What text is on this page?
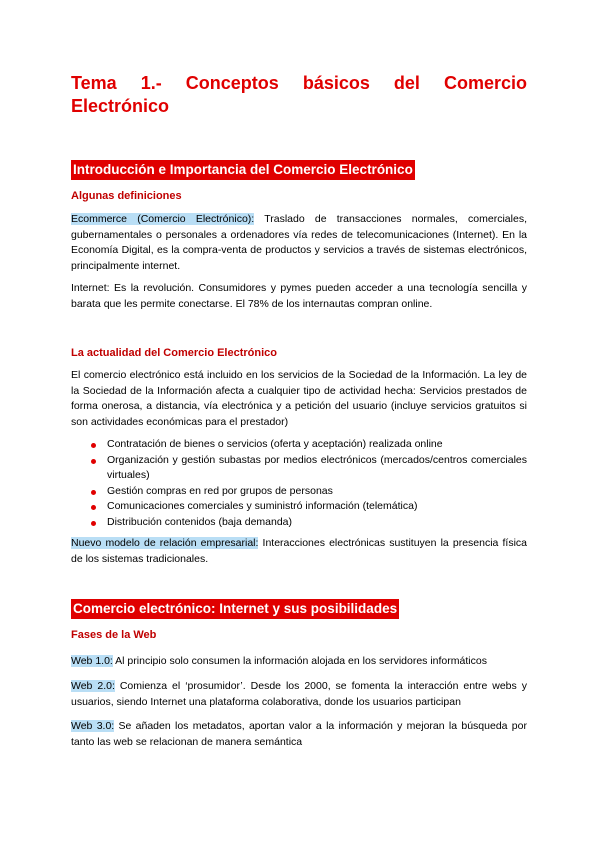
Tema 1.- Conceptos básicos del Comercio Electrónico
Introducción e Importancia del Comercio Electrónico
Algunas definiciones
Ecommerce (Comercio Electrónico): Traslado de transacciones normales, comerciales, gubernamentales o personales a ordenadores vía redes de telecomunicaciones (Internet). En la Economía Digital, es la compra-venta de productos y servicios a través de sistemas electrónicos, principalmente internet.
Internet: Es la revolución. Consumidores y pymes pueden acceder a una tecnología sencilla y barata que les permite conectarse. El 78% de los internautas compran online.
La actualidad del Comercio Electrónico
El comercio electrónico está incluido en los servicios de la Sociedad de la Información. La ley de la Sociedad de la Información afecta a cualquier tipo de actividad hecha: Servicios prestados de forma onerosa, a distancia, vía electrónica y a petición del usuario (incluye servicios gratuitos si son actividades económicas para el prestador)
Contratación de bienes o servicios (oferta y aceptación) realizada online
Organización y gestión subastas por medios electrónicos (mercados/centros comerciales virtuales)
Gestión compras en red por grupos de personas
Comunicaciones comerciales y suministró información (telemática)
Distribución contenidos (baja demanda)
Nuevo modelo de relación empresarial: Interacciones electrónicas sustituyen la presencia física de los sistemas tradicionales.
Comercio electrónico: Internet y sus posibilidades
Fases de la Web
Web 1.0: Al principio solo consumen la información alojada en los servidores informáticos
Web 2.0: Comienza el ‘prosumidor’. Desde los 2000, se fomenta la interacción entre webs y usuarios, siendo Internet una plataforma colaborativa, donde los usuarios participan
Web 3.0: Se añaden los metadatos, aportan valor a la información y mejoran la búsqueda por tanto las web se relacionan de manera semántica
